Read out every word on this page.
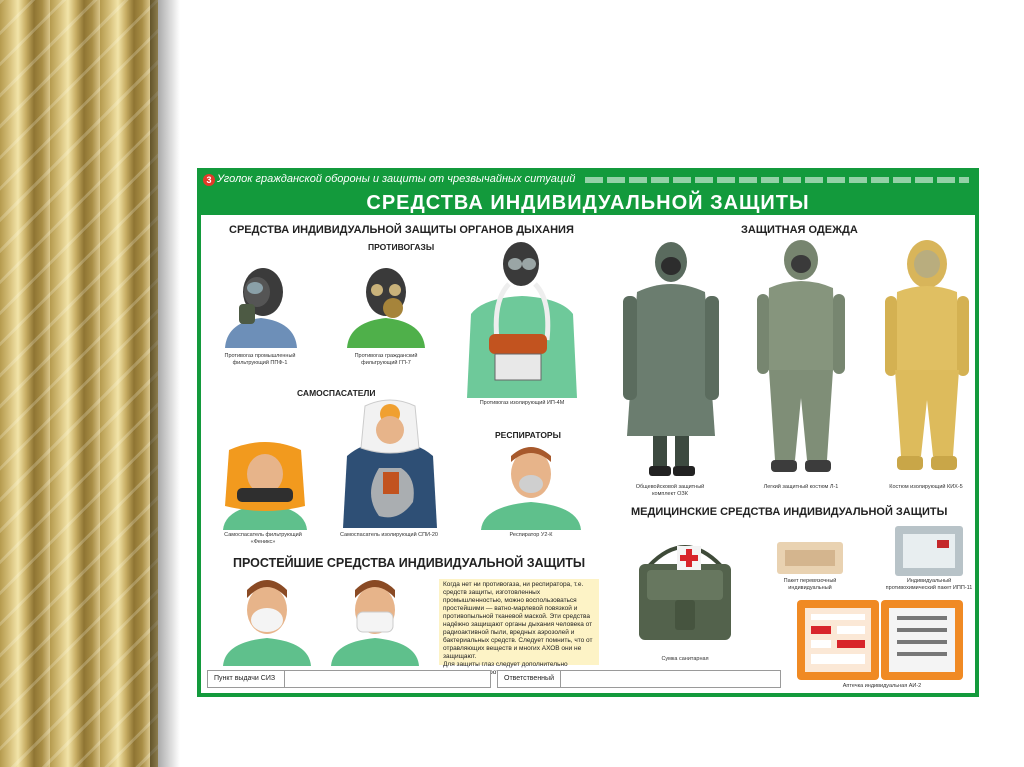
3 Уголок гражданской обороны и защиты от чрезвычайных ситуаций
СРЕДСТВА ИНДИВИДУАЛЬНОЙ ЗАЩИТЫ
СРЕДСТВА ИНДИВИДУАЛЬНОЙ ЗАЩИТЫ ОРГАНОВ ДЫХАНИЯ
ПРОТИВОГАЗЫ
Противогаз промышленный фильтрующий ППФ-1
Противогаз гражданский фильтрующий ГП-7
Противогаз изолирующий ИП-4М
САМОСПАСАТЕЛИ
Самоспасатель фильтрующий «Феникс»
Самоспасатель изолирующий СПИ-20
РЕСПИРАТОРЫ
Респиратор У2-К
ПРОСТЕЙШИЕ СРЕДСТВА ИНДИВИДУАЛЬНОЙ ЗАЩИТЫ

Когда нет ни противогаза, ни респиратора, т.е. средств защиты, изготовленных промышленностью, можно воспользоваться простейшими — ватно-марлевой повязкой и противопыльной тканевой маской. Эти средства надёжно защищают органы дыхания человека от радиоактивной пыли, вредных аэрозолей и бактериальных средств. Следует помнить, что от отравляющих веществ и многих АХОВ они не защищают.

Для защиты глаз следует дополнительно

ЗАЩИТНАЯ ОДЕЖДА
Общевойсковой защитный комплект ОЗК
Легкий защитный костюм Л-1	Костюм изолирующий КИХ-5
МЕДИЦИНСКИЕ СРЕДСТВА ИНДИВИДУАЛЬНОЙ ЗАЩИТЫ
Сумка санитарная
Пакет перевязочный индивидуальный
Индивидуальный противохимический пакет ИПП-11
Аптечка индивидуальная АИ-2
Пункт выдачи СИЗ	Ответственный
